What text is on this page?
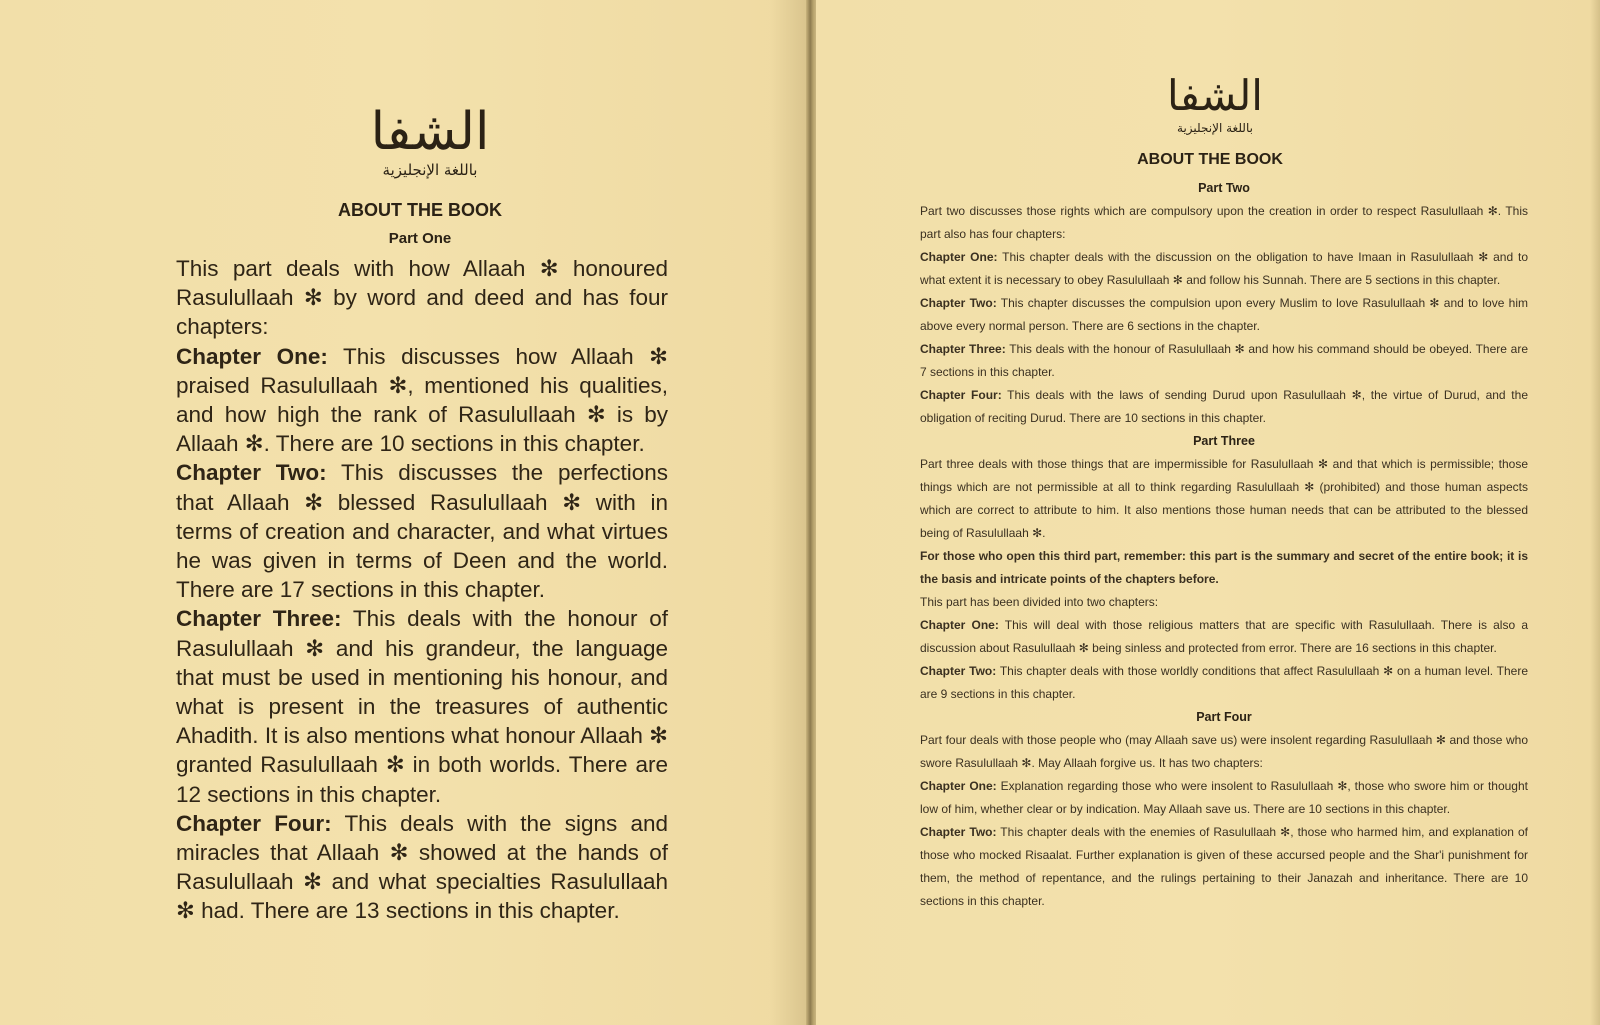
الشفا
باللغة الإنجليزية
ABOUT THE BOOK
Part One

This part deals with how Allaah ✻ honoured Rasulullaah ✻ by word and deed and has four chapters:

Chapter One: This discusses how Allaah ✻ praised Rasulullaah ✻, mentioned his qualities, and how high the rank of Rasulullaah ✻ is by Allaah ✻. There are 10 sections in this chapter.

Chapter Two: This discusses the perfections that Allaah ✻ blessed Rasulullaah ✻ with in terms of creation and character, and what virtues he was given in terms of Deen and the world. There are 17 sections in this chapter.

Chapter Three: This deals with the honour of Rasulullaah ✻ and his grandeur, the language that must be used in mentioning his honour, and what is present in the treasures of authentic Ahadith. It is also mentions what honour Allaah ✻ granted Rasulullaah ✻ in both worlds. There are 12 sections in this chapter.

Chapter Four: This deals with the signs and miracles that Allaah ✻ showed at the hands of Rasulullaah ✻ and what specialties Rasulullaah ✻ had. There are 13 sections in this chapter.

الشفا
باللغة الإنجليزية
ABOUT THE BOOK

Part Two

Part two discusses those rights which are compulsory upon the creation in order to respect Rasulullaah ✻. This part also has four chapters:

Chapter One: This chapter deals with the discussion on the obligation to have Imaan in Rasulullaah ✻ and to what extent it is necessary to obey Rasulullaah ✻ and follow his Sunnah. There are 5 sections in this chapter.

Chapter Two: This chapter discusses the compulsion upon every Muslim to love Rasulullaah ✻ and to love him above every normal person. There are 6 sections in the chapter.

Chapter Three: This deals with the honour of Rasulullaah ✻ and how his command should be obeyed. There are 7 sections in this chapter.

Chapter Four: This deals with the laws of sending Durud upon Rasulullaah ✻, the virtue of Durud, and the obligation of reciting Durud. There are 10 sections in this chapter.

Part Three

Part three deals with those things that are impermissible for Rasulullaah ✻ and that which is permissible; those things which are not permissible at all to think regarding Rasulullaah ✻ (prohibited) and those human aspects which are correct to attribute to him. It also mentions those human needs that can be attributed to the blessed being of Rasulullaah ✻.

For those who open this third part, remember: this part is the summary and secret of the entire book; it is the basis and intricate points of the chapters before.

This part has been divided into two chapters:

Chapter One: This will deal with those religious matters that are specific with Rasulullaah. There is also a discussion about Rasulullaah ✻ being sinless and protected from error. There are 16 sections in this chapter.

Chapter Two: This chapter deals with those worldly conditions that affect Rasulullaah ✻ on a human level. There are 9 sections in this chapter.

Part Four

Part four deals with those people who (may Allaah save us) were insolent regarding Rasulullaah ✻ and those who swore Rasulullaah ✻. May Allaah forgive us. It has two chapters:

Chapter One: Explanation regarding those who were insolent to Rasulullaah ✻, those who swore him or thought low of him, whether clear or by indication. May Allaah save us. There are 10 sections in this chapter.

Chapter Two: This chapter deals with the enemies of Rasulullaah ✻, those who harmed him, and explanation of those who mocked Risaalat. Further explanation is given of these accursed people and the Shar'i punishment for them, the method of repentance, and the rulings pertaining to their Janazah and inheritance. There are 10 sections in this chapter.
